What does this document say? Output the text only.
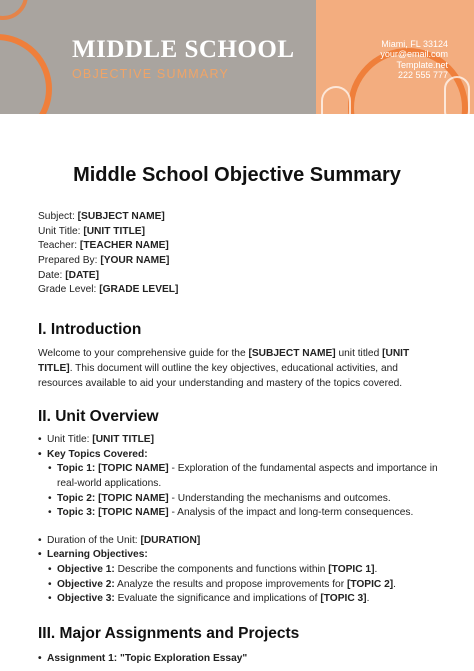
MIDDLE SCHOOL
OBJECTIVE SUMMARY
Miami, FL 33124
your@email.com
Template.net
222 555 777
Middle School Objective Summary
Subject: [SUBJECT NAME]
Unit Title: [UNIT TITLE]
Teacher: [TEACHER NAME]
Prepared By: [YOUR NAME]
Date: [DATE]
Grade Level: [GRADE LEVEL]
I. Introduction
Welcome to your comprehensive guide for the [SUBJECT NAME] unit titled [UNIT TITLE]. This document will outline the key objectives, educational activities, and resources available to aid your understanding and mastery of the topics covered.
II. Unit Overview
• Unit Title: [UNIT TITLE]
• Key Topics Covered:
• Topic 1: [TOPIC NAME] - Exploration of the fundamental aspects and importance in real-world applications.
• Topic 2: [TOPIC NAME] - Understanding the mechanisms and outcomes.
• Topic 3: [TOPIC NAME] - Analysis of the impact and long-term consequences.
• Duration of the Unit: [DURATION]
• Learning Objectives:
• Objective 1: Describe the components and functions within [TOPIC 1].
• Objective 2: Analyze the results and propose improvements for [TOPIC 2].
• Objective 3: Evaluate the significance and implications of [TOPIC 3].
III. Major Assignments and Projects
• Assignment 1: "Topic Exploration Essay"
